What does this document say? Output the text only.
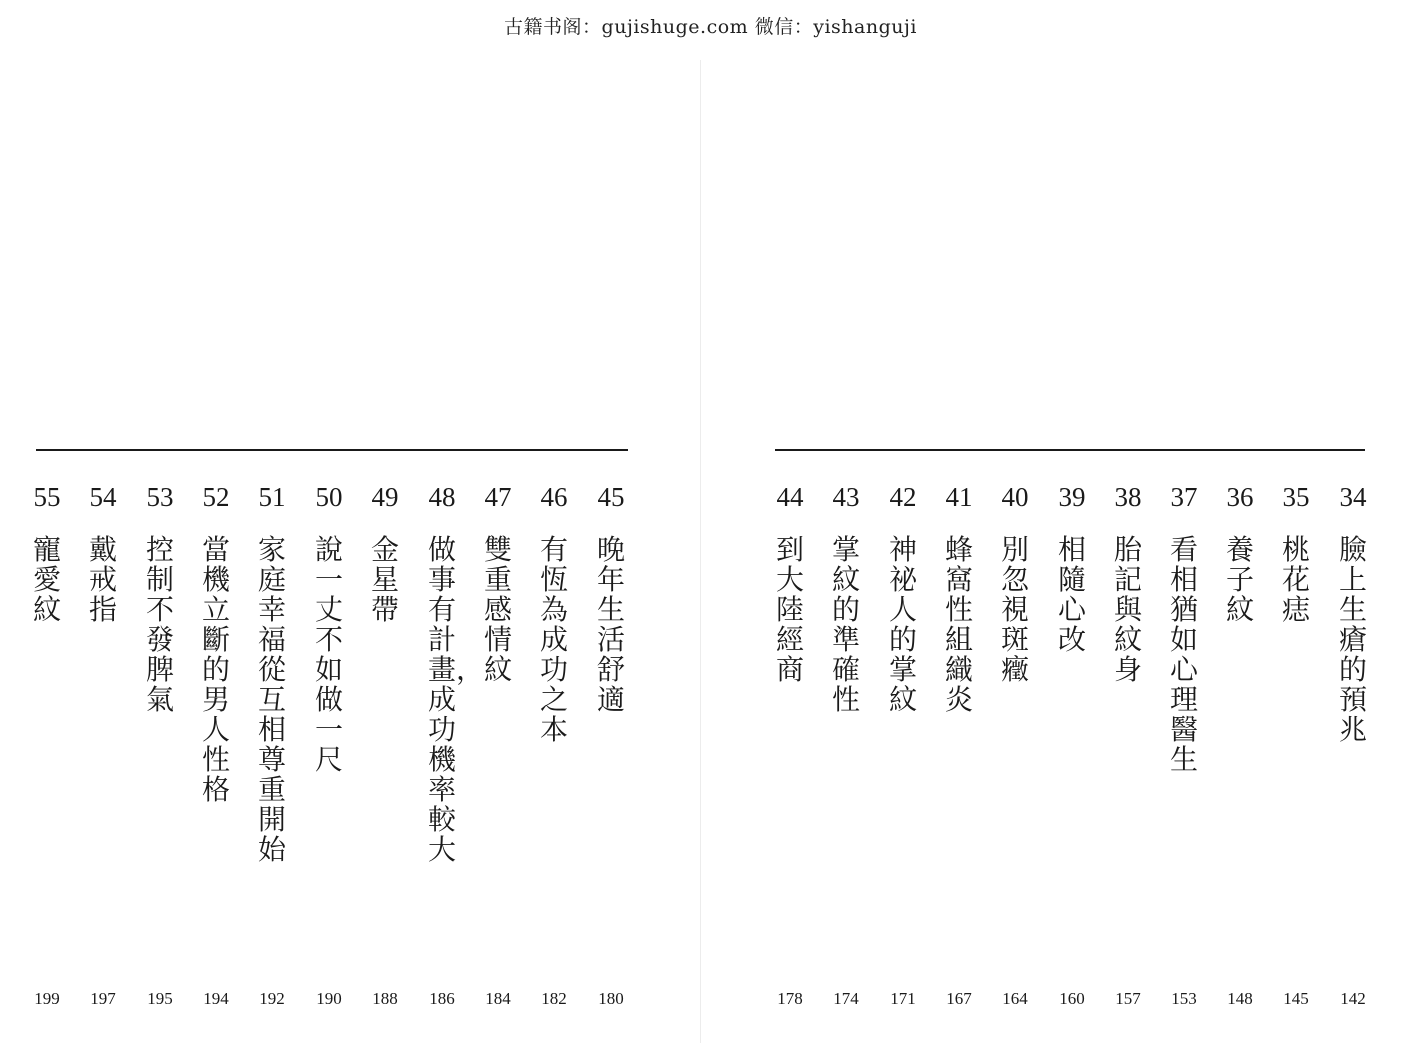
古籍书阁：gujishuge.com 微信：yishanguji
55
寵愛紋
199
54
戴戒指
197
53
控制不發脾氣
195
52
當機立斷的男人性格
194
51
家庭幸福從互相尊重開始
192
50
說一丈不如做一尺
190
49
金星帶
188
48
做事有計畫，成功機率較大
186
47
雙重感情紋
184
46
有恆為成功之本
182
45
晚年生活舒適
180
44
到大陸經商
178
43
掌紋的準確性
174
42
神祕人的掌紋
171
41
蜂窩性組織炎
167
40
別忽視斑癥
164
39
相隨心改
160
38
胎記與紋身
157
37
看相猶如心理醫生
153
36
養子紋
148
35
桃花痣
145
34
臉上生瘡的預兆
142
